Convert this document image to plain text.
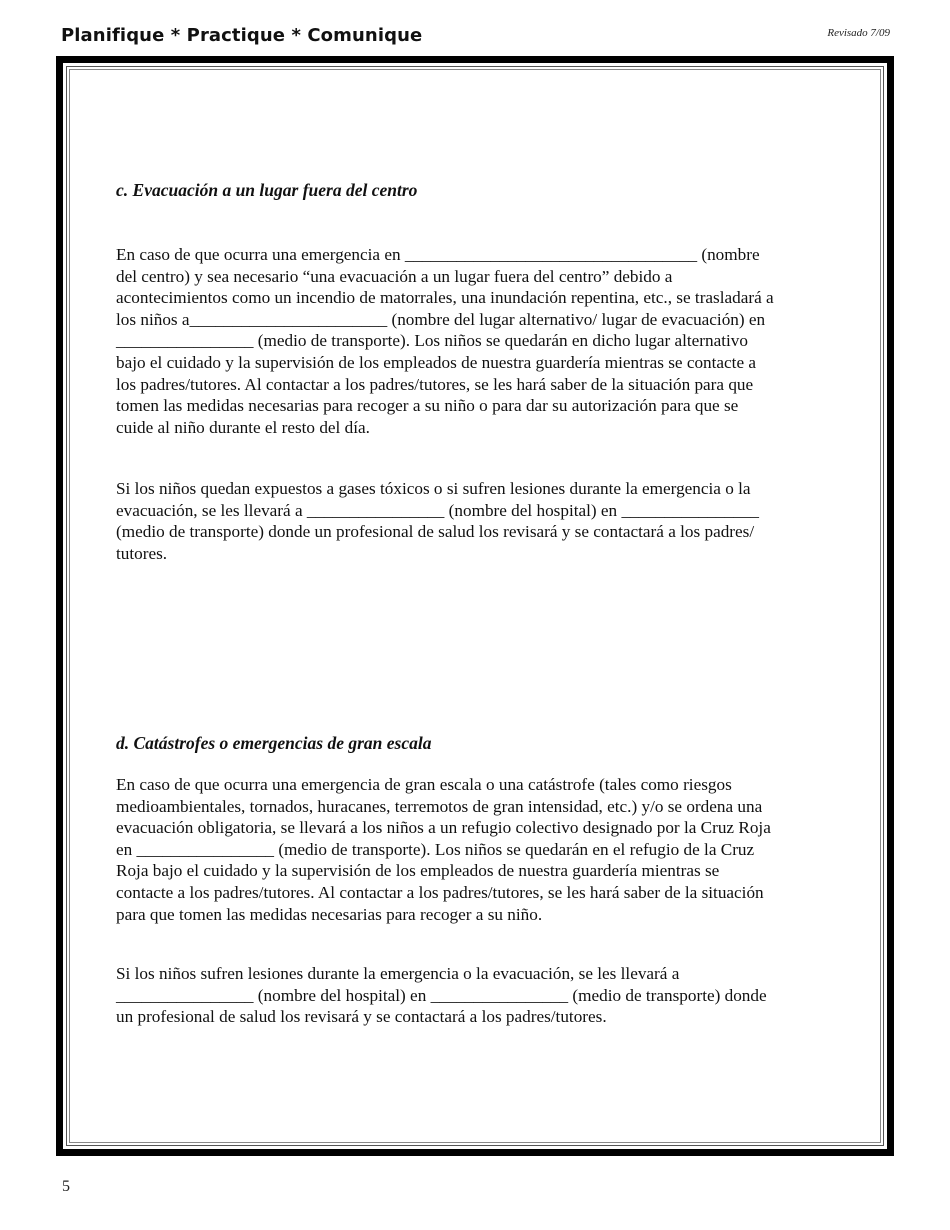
Planifique * Practique * Comunique	Revisado 7/09
c. Evacuación a un lugar fuera del centro
En caso de que ocurra una emergencia en __________________________________ (nombre
del centro) y sea necesario “una evacuación a un lugar fuera del centro” debido a
acontecimientos como un incendio de matorrales, una inundación repentina, etc., se trasladará a
los niños a_______________________ (nombre del lugar alternativo/ lugar de evacuación) en
________________ (medio de transporte). Los niños se quedarán en dicho lugar alternativo
bajo el cuidado y la supervisión de los empleados de nuestra guardería mientras se contacte a
los padres/tutores. Al contactar a los padres/tutores, se les hará saber de la situación para que
tomen las medidas necesarias para recoger a su niño o para dar su autorización para que se
cuide al niño durante el resto del día.
Si los niños quedan expuestos a gases tóxicos o si sufren lesiones durante la emergencia o la
evacuación, se les llevará a ________________ (nombre del hospital) en ________________
(medio de transporte) donde un profesional de salud los revisará y se contactará a los padres/
tutores.
d. Catástrofes o emergencias de gran escala
En caso de que ocurra una emergencia de gran escala o una catástrofe (tales como riesgos
medioambientales, tornados, huracanes, terremotos de gran intensidad, etc.) y/o se ordena una
evacuación obligatoria, se llevará a los niños a un refugio colectivo designado por la Cruz Roja
en ________________ (medio de transporte). Los niños se quedarán en el refugio de la Cruz
Roja bajo el cuidado y la supervisión de los empleados de nuestra guardería mientras se
contacte a los padres/tutores. Al contactar a los padres/tutores, se les hará saber de la situación
para que tomen las medidas necesarias para recoger a su niño.
Si los niños sufren lesiones durante la emergencia o la evacuación, se les llevará a
________________ (nombre del hospital) en ________________ (medio de transporte) donde
un profesional de salud los revisará y se contactará a los padres/tutores.
5
